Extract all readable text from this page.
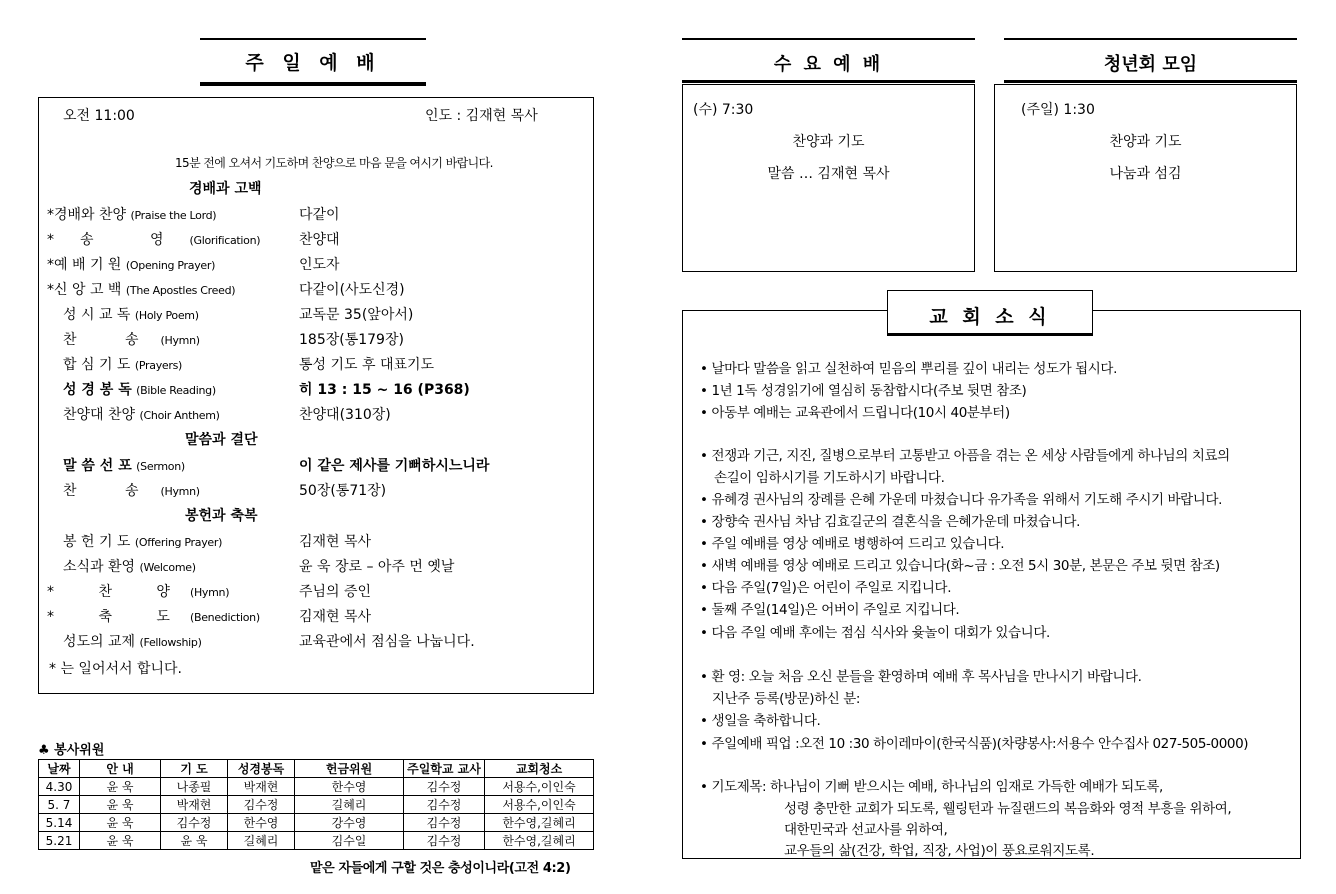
주 일 예 배
오전 11:00	인도 : 김재현 목사
15분 전에 오셔서 기도하며 찬양으로 마음 문을 여시기 바랍니다.
경배과 고백
*경배와 찬양 (Praise the Lord)	다같이
*송 영(Glorification)	찬양대
*예 배 기 원 (Opening Prayer)	인도자
*신 앙 고 백 (The Apostles Creed)	다같이(사도신경)
성 시 교 독 (Holy Poem)	교독문 35(앞아서)
찬 송(Hymn)	185장(통179장)
합 심 기 도 (Prayers)	통성 기도 후 대표기도
성 경 봉 독 (Bible Reading)	히 13 : 15 ~ 16 (P368)
찬양대 찬양 (Choir Anthem)	찬양대(310장)
말씀과 결단
말 씀 선 포 (Sermon)	이 같은 제사를 기뻐하시느니라
찬 송(Hymn)	50장(통71장)
봉헌과 축복
봉 헌 기 도 (Offering Prayer)	김재현 목사
소식과 환영 (Welcome)	윤 욱 장로 – 아주 먼 옛날
* 찬 양(Hymn)	주님의 증인
* 축 도(Benediction)	김재현 목사
성도의 교제 (Fellowship)	교육관에서 점심을 나눕니다.
* 는 일어서서 합니다.
♣ 봉사위원
날짜	안 내	기 도	성경봉독	헌금위원	주일학교 교사	교회청소
4.30	윤 욱	나종필	박재현	한수영	김수정	서용수,이인숙
5. 7	윤 욱	박재현	김수정	길혜리	김수정	서용수,이인숙
5.14	윤 욱	김수정	한수영	강수영	김수정	한수영,길혜리
5.21	윤 욱	윤 욱	길혜리	김수일	김수정	한수영,길혜리
맡은 자들에게 구할 것은 충성이니라(고전 4:2)
수 요 예 배
(수) 7:30
찬양과 기도
말씀 … 김재현 목사
청년회 모임
(주일) 1:30
찬양과 기도
나눔과 섬김
교 회 소 식
• 날마다 말씀을 읽고 실천하여 믿음의 뿌리를 깊이 내리는 성도가 됩시다.
• 1년 1독 성경읽기에 열심히 동참합시다(주보 뒷면 참조)
• 아동부 예배는 교육관에서 드립니다(10시 40분부터)
• 전쟁과 기근, 지진, 질병으로부터 고통받고 아픔을 겪는 온 세상 사람들에게 하나님의 치료의
손길이 임하시기를 기도하시기 바랍니다.
• 유혜경 권사님의 장례를 은혜 가운데 마쳤습니다 유가족을 위해서 기도해 주시기 바랍니다.
• 장향숙 권사님 차남 김효길군의 결혼식을 은혜가운데 마쳤습니다.
• 주일 예배를 영상 예배로 병행하여 드리고 있습니다.
• 새벽 예배를 영상 예배로 드리고 있습니다(화~금 : 오전 5시 30분, 본문은 주보 뒷면 참조)
• 다음 주일(7일)은 어린이 주일로 지킵니다.
• 둘째 주일(14일)은 어버이 주일로 지킵니다.
• 다음 주일 예배 후에는 점심 식사와 윷놀이 대회가 있습니다.
• 환 영: 오늘 처음 오신 분들을 환영하며 예배 후 목사님을 만나시기 바랍니다.
지난주 등록(방문)하신 분:
• 생일을 축하합니다.
• 주일예배 픽업 :오전 10 :30 하이레마이(한국식품)(차량봉사:서용수 안수집사 027-505-0000)
• 기도제목: 하나님이 기뻐 받으시는 예배, 하나님의 임재로 가득한 예배가 되도록,
성령 충만한 교회가 되도록, 웰링턴과 뉴질랜드의 복음화와 영적 부흥을 위하여,
대한민국과 선교사를 위하여,
교우들의 삶(건강, 학업, 직장, 사업)이 풍요로워지도록.
